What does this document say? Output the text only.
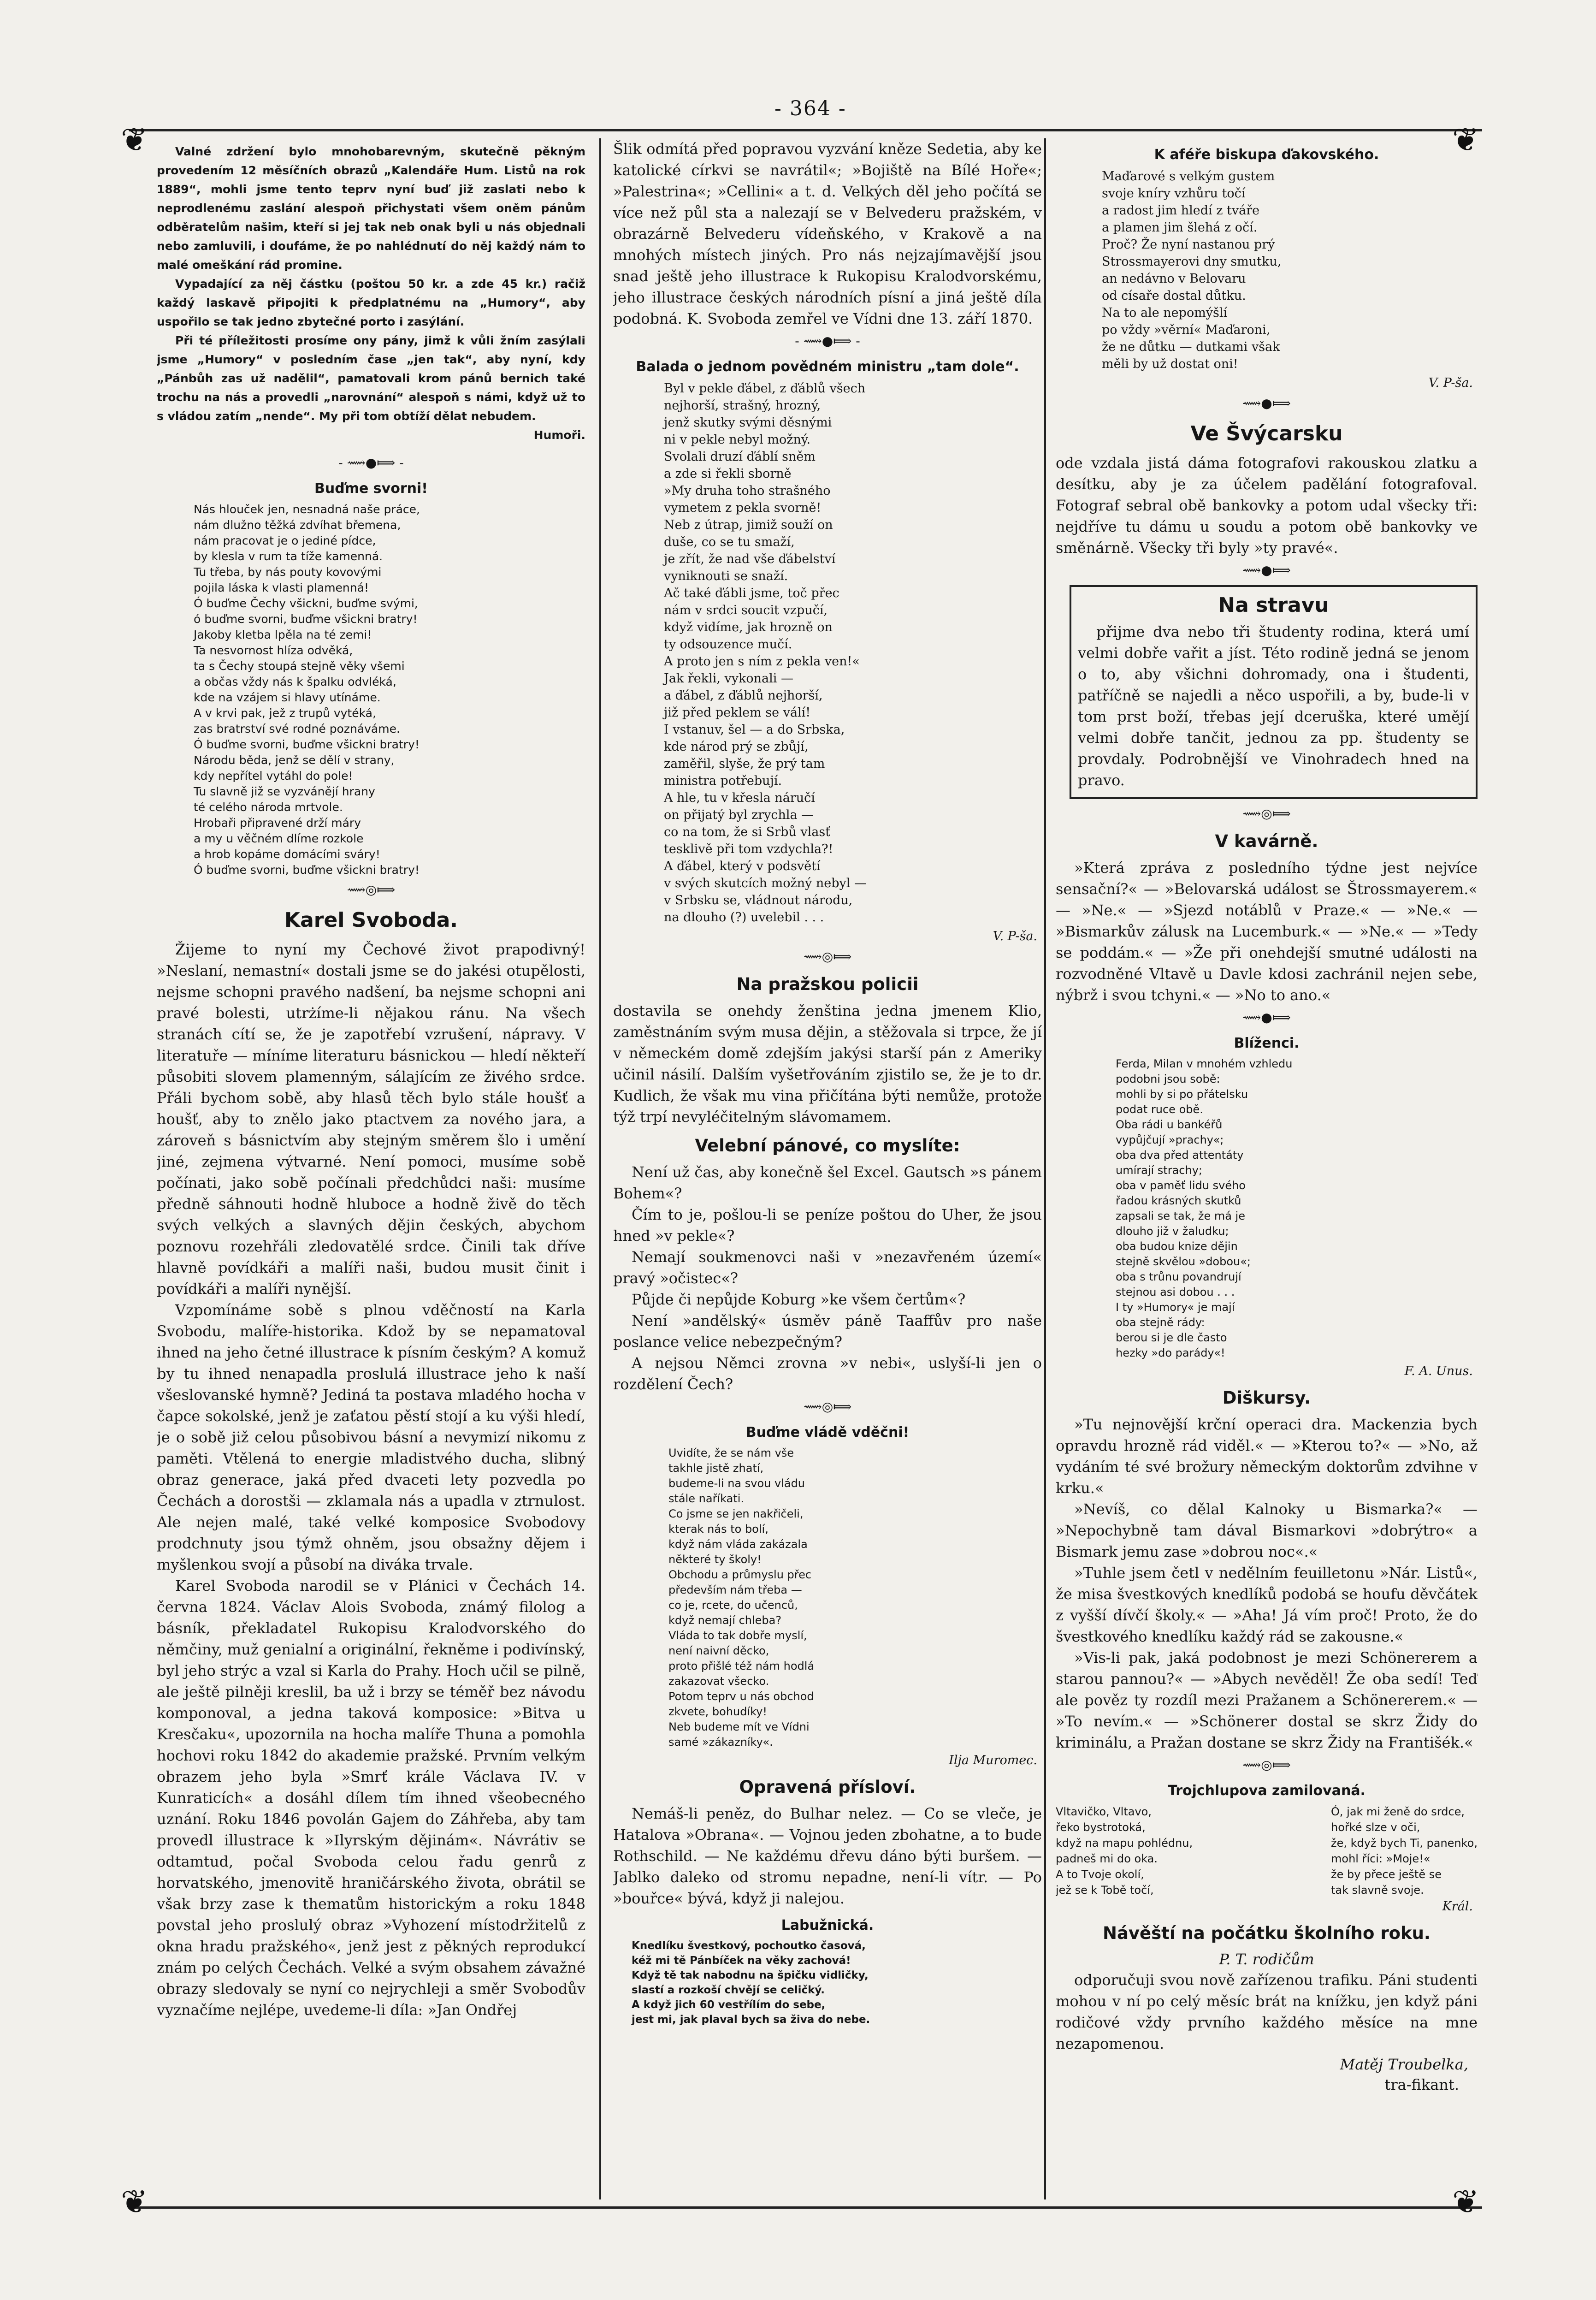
- 364 -
❦	❦
❦	❦

Valné zdržení bylo mnohobarevným, skutečně pěkným provedením 12 měsíčních obrazů „Kalendáře Hum. Listů na rok 1889“, mohli jsme tento teprv nyní buď již zaslati nebo k neprodlenému zaslání alespoň přichystati všem oněm pánům odběratelům našim, kteří si jej tak neb onak byli u nás objednali nebo zamluvili, i doufáme, že po nahlédnutí do něj každý nám to malé omeškání rád promine.

Vypadající za něj částku (poštou 50 kr. a zde 45 kr.) račiž každý laskavě připojiti k předplatnému na „Humory“, aby uspořilo se tak jedno zbytečné porto i zasýlání.

Při té příležitosti prosíme ony pány, jimž k vůli žním zasýlali jsme „Humory“ v posledním čase „jen tak“, aby nyní, kdy „Pánbůh zas už nadělil“, pamatovali krom pánů bernich také trochu na nás a provedli „narovnání“ alespoň s námi, když už to s vládou zatím „nende“. My při tom obtíží dělat nebudem.

Humoři.
- ⟿●⟾ -
Buďme svorni!
Nás hlouček jen, nesnadná naše práce,
nám dlužno těžká zdvíhat břemena,
nám pracovat je o jediné pídce,
by klesla v rum ta tíže kamenná.
Tu třeba, by nás pouty kovovými
pojila láska k vlasti plamenná!
Ó buďme Čechy všickni, buďme svými,
ó buďme svorni, buďme všickni bratry!
Jakoby kletba lpěla na té zemi!
Ta nesvornost hlíza odvěká,
ta s Čechy stoupá stejně věky všemi
a občas vždy nás k špalku odvléká,
kde na vzájem si hlavy utínáme.
A v krvi pak, jež z trupů vytéká,
zas bratrství své rodné poznáváme.
Ó buďme svorni, buďme všickni bratry!
Národu běda, jenž se dělí v strany,
kdy nepřítel vytáhl do pole!
Tu slavně již se vyzvánějí hrany
té celého národa mrtvole.
Hrobaři připravené drží máry
a my u věčném dlíme rozkole
a hrob kopáme domácími sváry!
Ó buďme svorni, buďme všickni bratry!
⟿◎⟾
Karel Svoboda.

Žijeme to nyní my Čechové život prapodivný! »Neslaní, nemastní« dostali jsme se do jakési otupělosti, nejsme schopni pravého nadšení, ba nejsme schopni ani pravé bolesti, utrżíme-li nějakou ránu. Na všech stranách cítí se, že je zapotřebí vzrušení, nápravy. V literatuře — míníme literaturu básnickou — hledí někteří působiti slovem plamenným, sálajícím ze živého srdce. Přáli bychom sobě, aby hlasů těch bylo stále houšť a houšť, aby to znělo jako ptactvem za nového jara, a zároveň s básnictvím aby stejným směrem šlo i umění jiné, zejmena výtvarné. Není pomoci, musíme sobě počínati, jako sobě počínali předchůdci naši: musíme předně sáhnouti hodně hluboce a hodně živě do těch svých velkých a slavných dějin českých, abychom poznovu rozehřáli zledovatělé srdce. Činili tak dříve hlavně povídkáři a malíři naši, budou musit činit i povídkáři a malíři nynější.

Vzpomínáme sobě s plnou vděčností na Karla Svobodu, malíře-historika. Kdož by se nepamatoval ihned na jeho četné illustrace k písním českým? A komuž by tu ihned nenapadla proslulá illustrace jeho k naší všeslovanské hymně? Jediná ta postava mladého hocha v čapce sokolské, jenž je zaťatou pěstí stojí a ku výši hledí, je o sobě již celou působivou básní a nevymizí nikomu z paměti. Vtělená to energie mladistvého ducha, slibný obraz generace, jaká před dvaceti lety pozvedla po Čechách a dorostši — zklamala nás a upadla v ztrnulost. Ale nejen malé, také velké komposice Svobodovy prodchnuty jsou týmž ohněm, jsou obsažny dějem i myšlenkou svojí a působí na diváka trvale.

Karel Svoboda narodil se v Plánici v Čechách 14. června 1824. Václav Alois Svoboda, známý filolog a básník, překladatel Rukopisu Kralodvorského do němčiny, muž genialní a originální, řekněme i podivínský, byl jeho strýc a vzal si Karla do Prahy. Hoch učil se pilně, ale ještě pilněji kreslil, ba už i brzy se téměř bez návodu komponoval, a jedna taková komposice: »Bitva u Kresčaku«, upozornila na hocha malíře Thuna a pomohla hochovi roku 1842 do akademie pražské. Prvním velkým obrazem jeho byla »Smrť krále Václava IV. v Kunraticích« a dosáhl dílem tím ihned všeobecného uznání. Roku 1846 povolán Gajem do Záhřeba, aby tam provedl illustrace k »Ilyrským dějinám«. Návrátiv se odtamtud, počal Svoboda celou řadu genrů z horvatského, jmenovitě hraničárského života, obrátil se však brzy zase k thematům historickým a roku 1848 povstal jeho proslulý obraz »Vyhození místodržitelů z okna hradu pražského«, jenž jest z pěkných reprodukcí znám po celých Čechách. Velké a svým obsahem závažné obrazy sledovaly se nyní co nejrychleji a směr Svobodův vyznačíme nejlépe, uvedeme-li díla: »Jan Ondřej

Šlik odmítá před popravou vyzvání kněze Sedetia, aby ke katolické církvi se navrátil«; »Bojiště na Bílé Hoře«; »Palestrina«; »Cellini« a t. d. Velkých děl jeho počítá se více než půl sta a nalezají se v Belvederu pražském, v obrazárně Belvederu vídeňského, v Krakově a na mnohých místech jiných. Pro nás nejzajímavější jsou snad ještě jeho illustrace k Rukopisu Kralodvorskému, jeho illustrace českých národních písní a jiná ještě díla podobná. K. Svoboda zemřel ve Vídni dne 13. září 1870.

- ⟿●⟾ -
Balada o jednom povědném ministru „tam dole“.
Byl v pekle ďábel, z ďáblů všech
nejhorší, strašný, hrozný,
jenž skutky svými děsnými
ni v pekle nebyl možný.
Svolali druzí ďáblí sněm
a zde si řekli sborně
»My druha toho strašného
vymetem z pekla svorně!
Neb z útrap, jimiž souží on
duše, co se tu smaží,
je zřít, že nad vše ďábelství
vyniknouti se snaží.
Ač také ďábli jsme, toč přec
nám v srdci soucit vzpučí,
když vidíme, jak hrozně on
ty odsouzence mučí.
A proto jen s ním z pekla ven!«
Jak řekli, vykonali —
a ďábel, z ďáblů nejhorší,
již před peklem se válí!
I vstanuv, šel — a do Srbska,
kde národ prý se zbůjí,
zaměřil, slyše, že prý tam
ministra potřebují.
A hle, tu v křesla náručí
on přijatý byl zrychla —
co na tom, že si Srbů vlasť
tesklivě při tom vzdychla?!
A ďábel, který v podsvětí
v svých skutcích možný nebyl —
v Srbsku se, vládnout národu,
na dlouho (?) uvelebil . . .
V. P-ša.
⟿◎⟾
Na pražskou policii

dostavila se onehdy ženština jedna jmenem Klio, zaměstnáním svým musa dějin, a stěžovala si trpce, že jí v německém domě zdejším jakýsi starší pán z Ameriky učinil násilí. Dalším vyšetřováním zjistilo se, že je to dr. Kudlich, že však mu vina přičítána býti nemůže, protože týž trpí nevyléčitelným slávomamem.

Velební pánové, co myslíte:

Není už čas, aby konečně šel Excel. Gautsch »s pánem Bohem«?

Čím to je, pošlou-li se peníze poštou do Uher, že jsou hned »v pekle«?

Nemají soukmenovci naši v »nezavřeném území« pravý »očistec«?

Půjde či nepůjde Koburg »ke všem čertům«?

Není »andělský« úsměv páně Taaffův pro naše poslance velice nebezpečným?

A nejsou Němci zrovna »v nebi«, uslyší-li jen o rozdělení Čech?

⟿◎⟾
Buďme vládě vděčni!
Uvidíte, že se nám vše
takhle jistě zhatí,
budeme-li na svou vládu
stále naříkati.
Co jsme se jen nakřičeli,
kterak nás to bolí,
když nám vláda zakázala
některé ty školy!
Obchodu a průmyslu přec
především nám třeba —
co je, rcete, do učenců,
když nemají chleba?
Vláda to tak dobře myslí,
není naivní děcko,
proto přišlé též nám hodlá
zakazovat všecko.
Potom teprv u nás obchod
zkvete, bohudíky!
Neb budeme mít ve Vídni
samé »zákazníky«.
Ilja Muromec.
Opravená přísloví.

Nemáš-li peněz, do Bulhar nelez. — Co se vleče, je Hatalova »Obrana«. — Vojnou jeden zbohatne, a to bude Rothschild. — Ne každému dřevu dáno býti buršem. — Jablko daleko od stromu nepadne, není-li vítr. — Po »bouřce« bývá, když ji nalejou.

Labužnická.
Knedlíku švestkový, pochoutko časová,
kéž mi tě Pánbíček na věky zachová!
Když tě tak nabodnu na špičku vidličky,
slastí a rozkoší chvějí se celičký.
A když jich 60 vestřílím do sebe,
jest mi, jak plaval bych sa živa do nebe.
K aféře biskupa ďakovského.
Maďarové s velkým gustem
svoje kníry vzhůru točí
a radost jim hledí z tváře
a plamen jim šlehá z očí.
Proč? Že nyní nastanou prý
Strossmayerovi dny smutku,
an nedávno v Belovaru
od císaře dostal důtku.
Na to ale nepomýšlí
po vždy »věrní« Maďaroni,
že ne důtku — dutkami však
měli by už dostat oni!
V. P-ša.
⟿●⟾
Ve Švýcarsku

ode vzdala jistá dáma fotografovi rakouskou zlatku a desítku, aby je za účelem padělání fotografoval. Fotograf sebral obě bankovky a potom udal všecky tři: nejdříve tu dámu u soudu a potom obě bankovky ve směnárně. Všecky tři byly »ty pravé«.

⟿●⟾
Na stravu

přijme dva nebo tři študenty rodina, která umí velmi dobře vařit a jíst. Této rodině jedná se jenom o to, aby všichni dohromady, ona i študenti, patříčně se najedli a něco uspořili, a by, bude-li v tom prst boží, třebas její dceruška, které umějí velmi dobře tančit, jednou za pp. študenty se provdaly. Podrobnější ve Vinohradech hned na pravo.

⟿◎⟾
V kavárně.

»Která zpráva z posledního týdne jest nejvíce sensační?« — »Belovarská událost se Štrossmayerem.« — »Ne.« — »Sjezd notáblů v Praze.« — »Ne.« — »Bismarkův zálusk na Lucemburk.« — »Ne.« — »Tedy se poddám.« — »Že při onehdejší smutné události na rozvodněné Vltavě u Davle kdosi zachránil nejen sebe, nýbrž i svou tchyni.« — »No to ano.«

⟿●⟾
Blíženci.
Ferda, Milan v mnohém vzhledu
podobni jsou sobě:
mohli by si po přátelsku
podat ruce obě.
Oba rádi u bankéřů
vypůjčují »prachy«;
oba dva před attentáty
umírají strachy;
oba v paměť lidu svého
řadou krásných skutků
zapsali se tak, že má je
dlouho již v žaludku;
oba budou knize dějin
stejně skvělou »dobou«;
oba s trůnu povandrují
stejnou asi dobou . . .
I ty »Humory« je mají
oba stejně rády:
berou si je dle často
hezky »do parády«!
F. A. Unus.
Diškursy.

»Tu nejnovější krční operaci dra. Mackenzia bych opravdu hrozně rád viděl.« — »Kterou to?« — »No, až vydáním té své brožury německým doktorům zdvihne v krku.«

»Nevíš, co dělal Kalnoky u Bismarka?« — »Nepochybně tam dával Bismarkovi »dobrýtro« a Bismark jemu zase »dobrou noc«.«

»Tuhle jsem četl v nedělním feuilletonu »Nár. Listů«, že misa švestkových knedlíků podobá se houfu děvčátek z vyšší dívčí školy.« — »Aha! Já vím proč! Proto, že do švestkového knedlíku každý rád se zakousne.«

»Vis-li pak, jaká podobnost je mezi Schönererem a starou pannou?« — »Abych nevěděl! Že oba sedí! Teď ale pověz ty rozdíl mezi Pražanem a Schönererem.« — »To nevím.« — »Schönerer dostal se skrz Židy do kriminálu, a Pražan dostane se skrz Židy na Františék.«

⟿◎⟾
Trojchlupova zamilovaná.
Vltavičko, Vltavo,
řeko bystrotoká,
když na mapu pohlédnu,
padneš mi do oka.
A to Tvoje okolí,
jež se k Tobě točí,
Ó, jak mi ženě do srdce,
hořké slze v oči,
že, když bych Ti, panenko,
mohl říci: »Moje!«
že by přece ještě se
tak slavně svoje.
Král.
Návěští na počátku školního roku.
P. T. rodičům

odporučuji svou nově zařízenou trafiku. Páni studenti mohou v ní po celý měsíc brát na knížku, jen když páni rodičové vždy prvního každého měsíce na mne nezapomenou.

Matěj Troubelka,
tra-fikant.
